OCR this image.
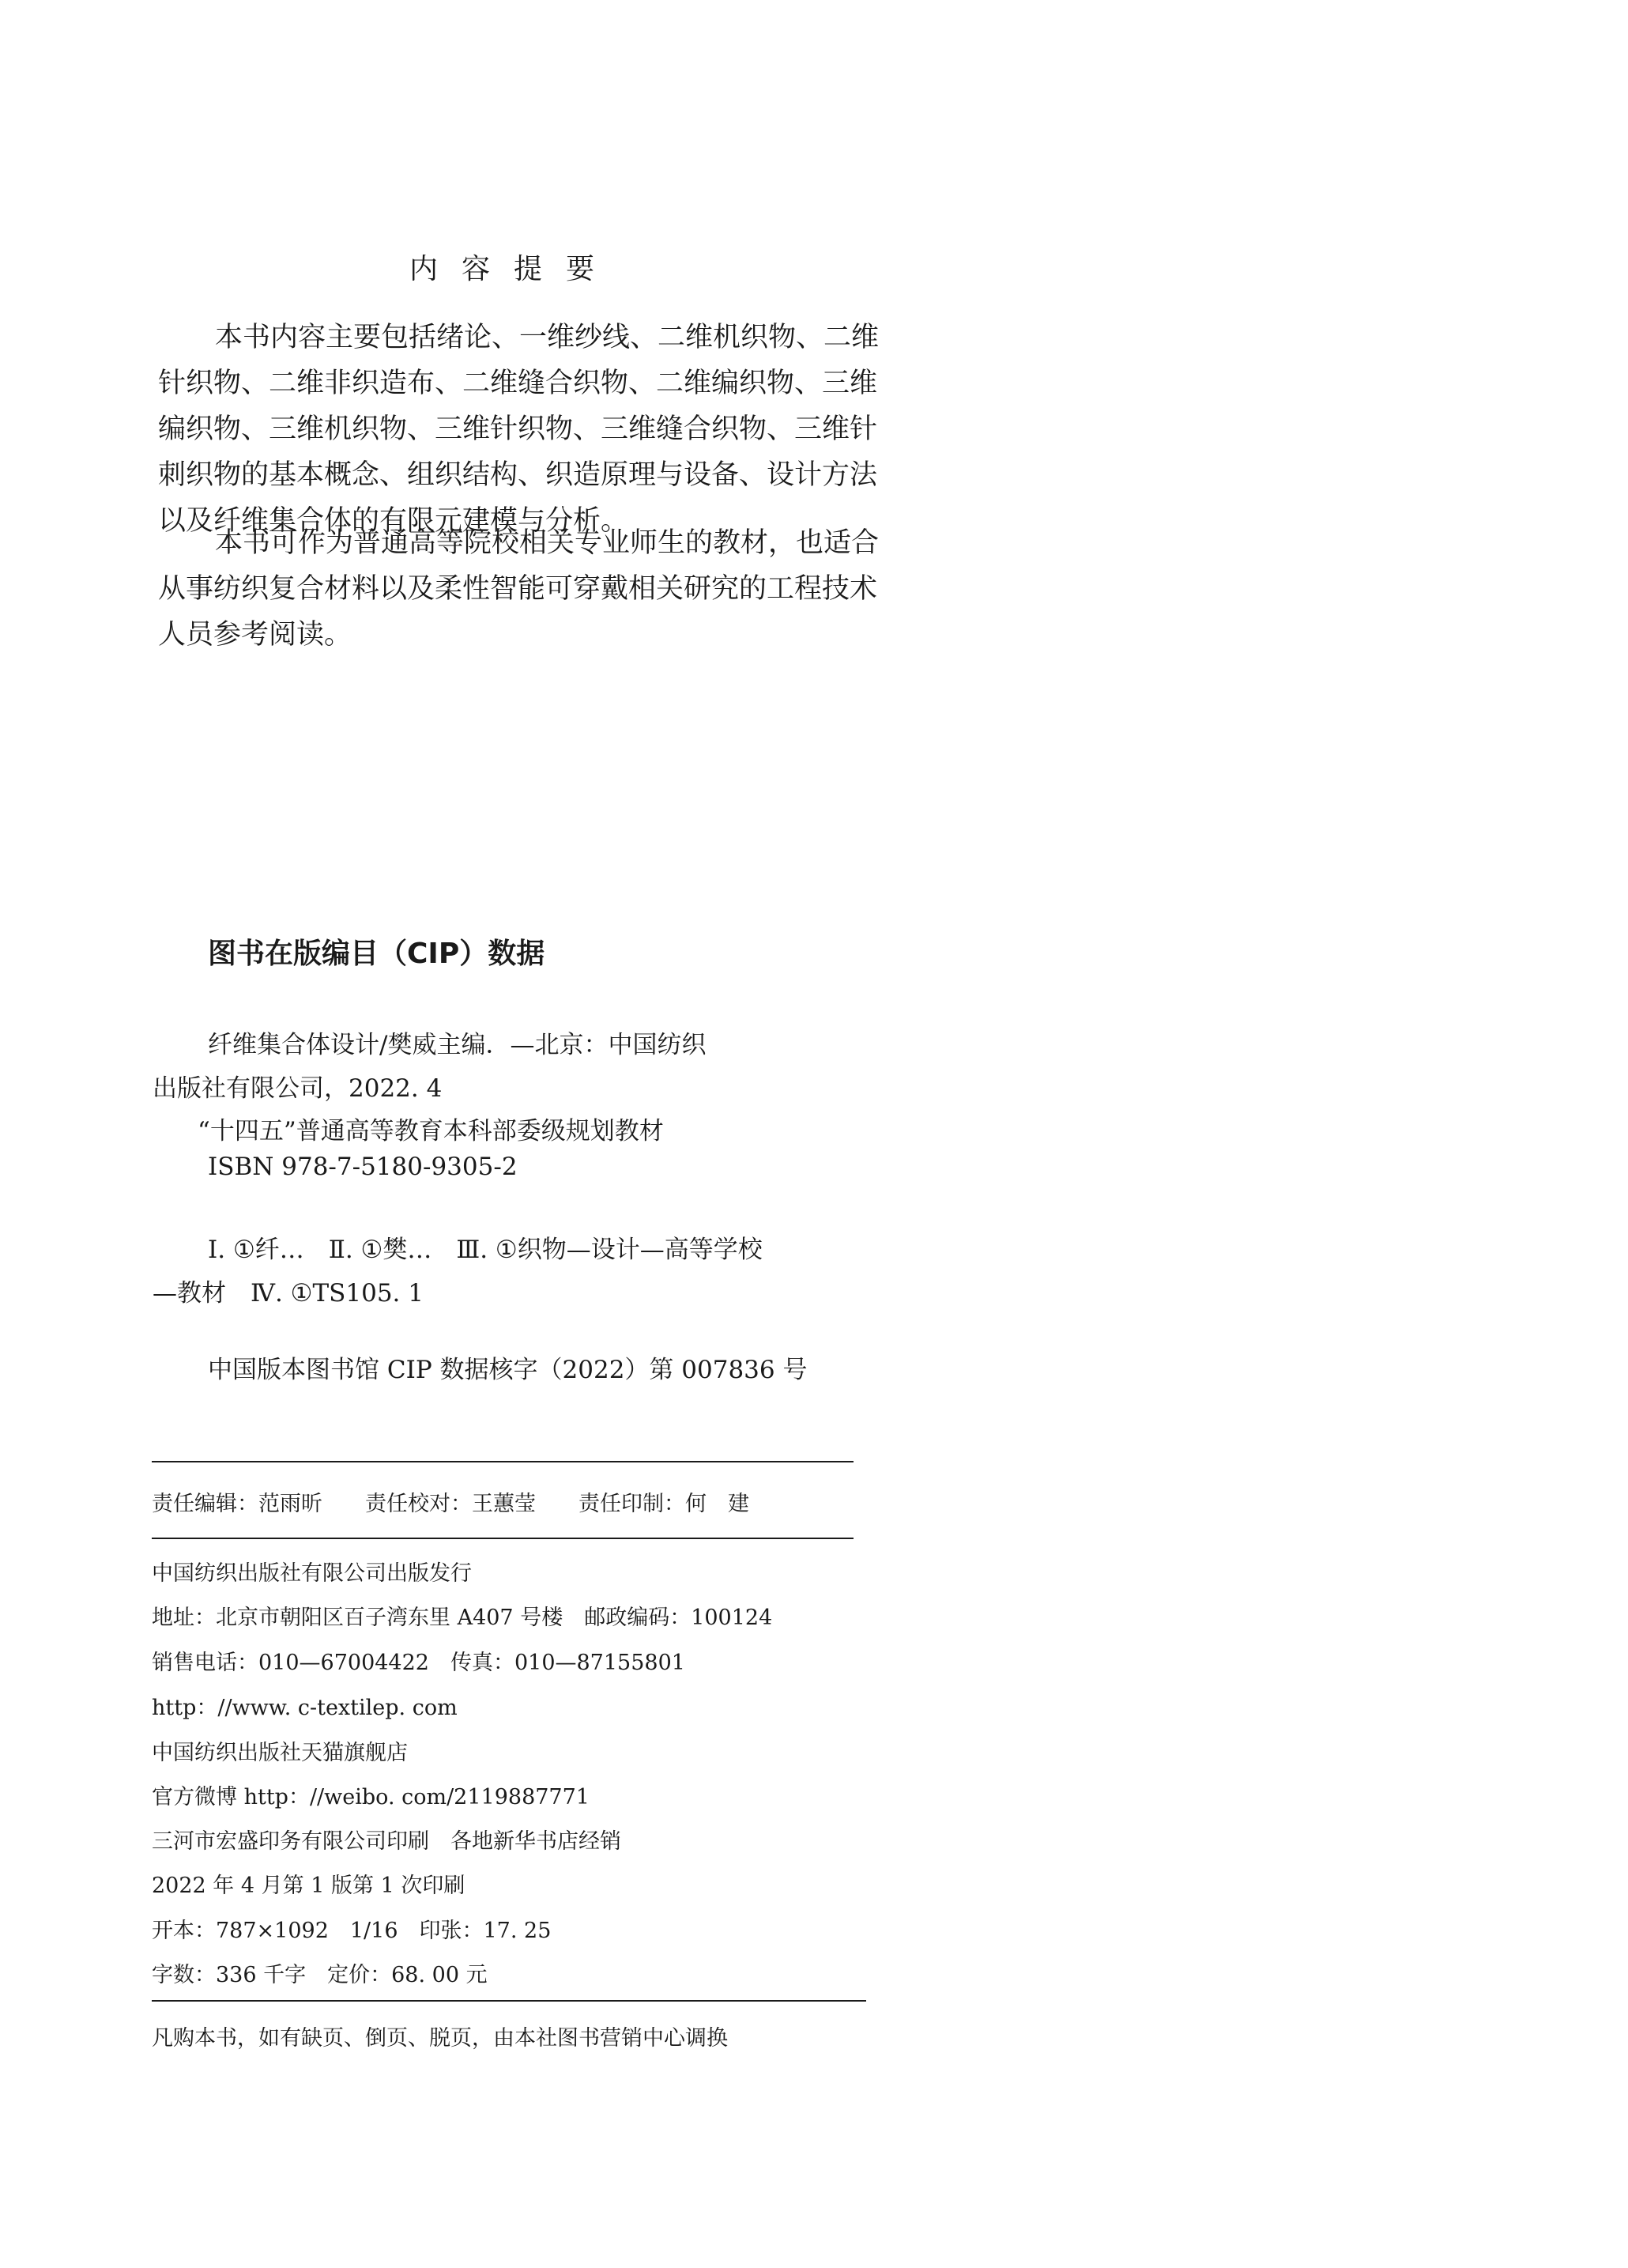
内容提要
本书内容主要包括绪论、一维纱线、二维机织物、二维
针织物、二维非织造布、二维缝合织物、二维编织物、三维
编织物、三维机织物、三维针织物、三维缝合织物、三维针
刺织物的基本概念、组织结构、织造原理与设备、设计方法
以及纤维集合体的有限元建模与分析。
本书可作为普通高等院校相关专业师生的教材，也适合
从事纺织复合材料以及柔性智能可穿戴相关研究的工程技术
人员参考阅读。
图书在版编目（CIP）数据
纤维集合体设计/樊威主编．—北京：中国纺织
出版社有限公司，2022. 4
“十四五”普通高等教育本科部委级规划教材
ISBN 978-7-5180-9305-2
Ⅰ. ①纤…　Ⅱ. ①樊…　Ⅲ. ①织物—设计—高等学校
—教材　Ⅳ. ①TS105. 1
中国版本图书馆 CIP 数据核字（2022）第 007836 号
责任编辑：范雨昕　　责任校对：王蕙莹　　责任印制：何　建
中国纺织出版社有限公司出版发行
地址：北京市朝阳区百子湾东里 A407 号楼　邮政编码：100124
销售电话：010—67004422　传真：010—87155801
http：//www. c-textilep. com
中国纺织出版社天猫旗舰店
官方微博 http：//weibo. com/2119887771
三河市宏盛印务有限公司印刷　各地新华书店经销
2022 年 4 月第 1 版第 1 次印刷
开本：787×1092　1/16　印张：17. 25
字数：336 千字　定价：68. 00 元
凡购本书，如有缺页、倒页、脱页，由本社图书营销中心调换
